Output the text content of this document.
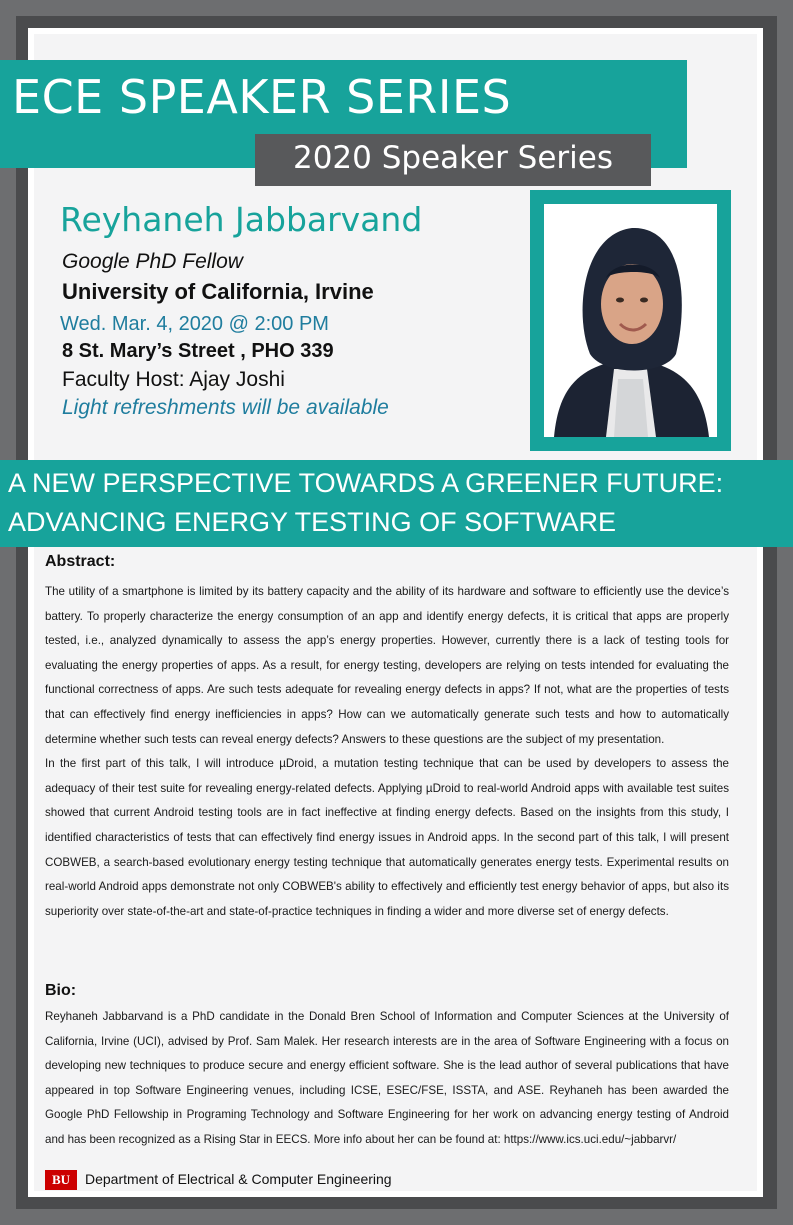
ECE SPEAKER SERIES
2020 Speaker Series
Reyhaneh Jabbarvand
Google PhD Fellow
University of California, Irvine
Wed. Mar. 4, 2020 @ 2:00 PM
8 St. Mary’s Street , PHO 339
Faculty Host: Ajay Joshi
Light refreshments will be available
A NEW PERSPECTIVE TOWARDS A GREENER FUTURE:
ADVANCING ENERGY TESTING OF SOFTWARE
Abstract:

The utility of a smartphone is limited by its battery capacity and the ability of its hardware and software to efficiently use the device’s battery. To properly characterize the energy consumption of an app and identify energy defects, it is critical that apps are properly tested, i.e., analyzed dynamically to assess the app’s energy properties. However, currently there is a lack of testing tools for evaluating the energy properties of apps. As a result, for energy testing, developers are relying on tests intended for evaluating the functional correctness of apps. Are such tests adequate for revealing energy defects in apps? If not, what are the properties of tests that can effectively find energy inefficiencies in apps? How can we automatically generate such tests and how to automatically determine whether such tests can reveal energy defects? Answers to these questions are the subject of my presentation.

In the first part of this talk, I will introduce µDroid, a mutation testing technique that can be used by developers to assess the adequacy of their test suite for revealing energy-related defects. Applying µDroid to real-world Android apps with available test suites showed that current Android testing tools are in fact ineffective at finding energy defects. Based on the insights from this study, I identified characteristics of tests that can effectively find energy issues in Android apps. In the second part of this talk, I will present COBWEB, a search-based evolutionary energy testing technique that automatically generates energy tests. Experimental results on real-world Android apps demonstrate not only COBWEB's ability to effectively and efficiently test energy behavior of apps, but also its superiority over state-of-the-art and state-of-practice techniques in finding a wider and more diverse set of energy defects.

Bio:

Reyhaneh Jabbarvand is a PhD candidate in the Donald Bren School of Information and Computer Sciences at the University of California, Irvine (UCI), advised by Prof. Sam Malek. Her research interests are in the area of Software Engineering with a focus on developing new techniques to produce secure and energy efficient software. She is the lead author of several publications that have appeared in top Software Engineering venues, including ICSE, ESEC/FSE, ISSTA, and ASE. Reyhaneh has been awarded the Google PhD Fellowship in Programing Technology and Software Engineering for her work on advancing energy testing of Android and has been recognized as a Rising Star in EECS. More info about her can be found at: https://www.ics.uci.edu/~jabbarvr/

BU	Department of Electrical & Computer Engineering
